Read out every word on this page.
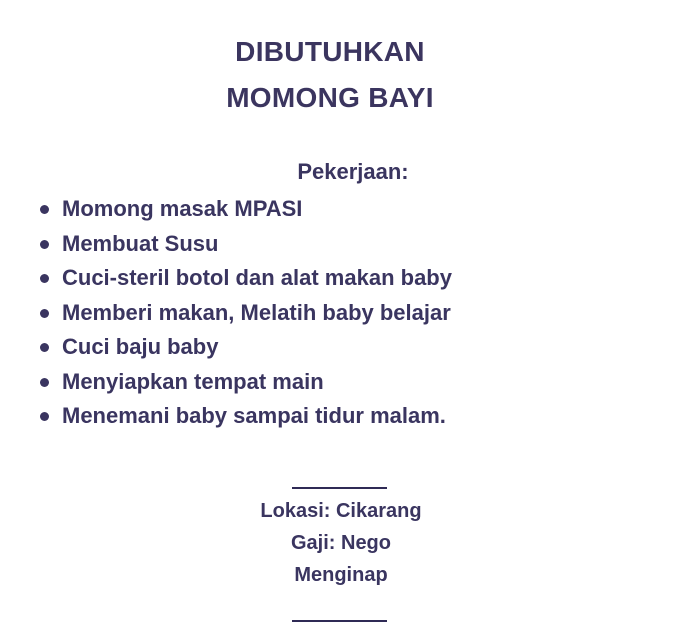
DIBUTUHKAN
MOMONG BAYI
Pekerjaan:
Momong masak MPASI
Membuat Susu
Cuci-steril botol dan alat makan baby
Memberi makan, Melatih baby belajar
Cuci baju baby
Menyiapkan tempat main
Menemani baby sampai tidur malam.
Lokasi: Cikarang
Gaji: Nego
Menginap
